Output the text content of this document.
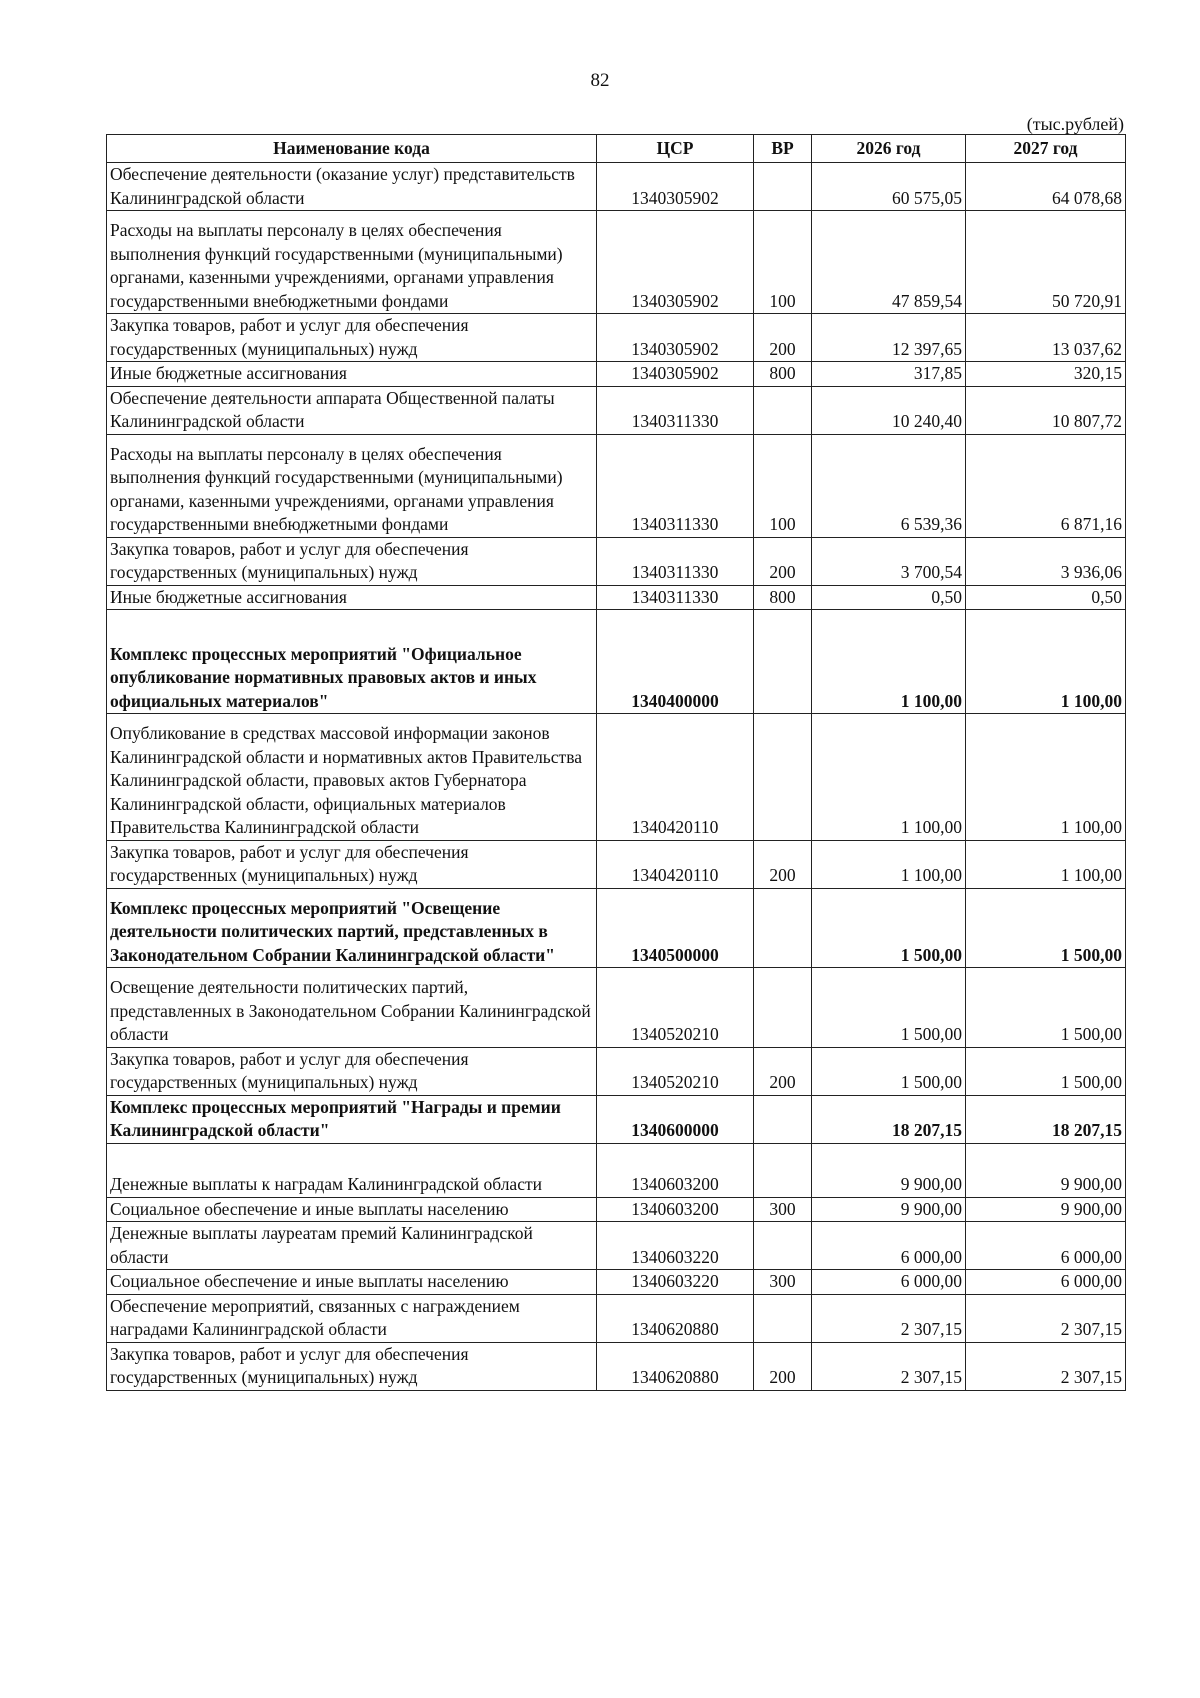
82
(тыс.рублей)
Наименование кода	ЦСР	ВР	2026 год	2027 год
Обеспечение деятельности (оказание услуг) представительств Калининградской области	1340305902		60 575,05	64 078,68
Расходы на выплаты персоналу в целях обеспечения выполнения функций государственными (муниципальными) органами, казенными учреждениями, органами управления государственными внебюджетными фондами	1340305902	100	47 859,54	50 720,91
Закупка товаров, работ и услуг для обеспечения государственных (муниципальных) нужд	1340305902	200	12 397,65	13 037,62
Иные бюджетные ассигнования	1340305902	800	317,85	320,15
Обеспечение деятельности аппарата Общественной палаты Калининградской области	1340311330		10 240,40	10 807,72
Расходы на выплаты персоналу в целях обеспечения выполнения функций государственными (муниципальными) органами, казенными учреждениями, органами управления государственными внебюджетными фондами	1340311330	100	6 539,36	6 871,16
Закупка товаров, работ и услуг для обеспечения государственных (муниципальных) нужд	1340311330	200	3 700,54	3 936,06
Иные бюджетные ассигнования	1340311330	800	0,50	0,50
Комплекс процессных мероприятий "Официальное опубликование нормативных правовых актов и иных официальных материалов"	1340400000		1 100,00	1 100,00
Опубликование в средствах массовой информации законов Калининградской области и нормативных актов Правительства Калининградской области, правовых актов Губернатора Калининградской области, официальных материалов Правительства Калининградской области	1340420110		1 100,00	1 100,00
Закупка товаров, работ и услуг для обеспечения государственных (муниципальных) нужд	1340420110	200	1 100,00	1 100,00
Комплекс процессных мероприятий "Освещение деятельности политических партий, представленных в Законодательном Собрании Калининградской области"	1340500000		1 500,00	1 500,00
Освещение деятельности политических партий, представленных в Законодательном Собрании Калининградской области	1340520210		1 500,00	1 500,00
Закупка товаров, работ и услуг для обеспечения государственных (муниципальных) нужд	1340520210	200	1 500,00	1 500,00
Комплекс процессных мероприятий "Награды и премии Калининградской области"	1340600000		18 207,15	18 207,15
Денежные выплаты к наградам Калининградской области	1340603200		9 900,00	9 900,00
Социальное обеспечение и иные выплаты населению	1340603200	300	9 900,00	9 900,00
Денежные выплаты лауреатам премий Калининградской области	1340603220		6 000,00	6 000,00
Социальное обеспечение и иные выплаты населению	1340603220	300	6 000,00	6 000,00
Обеспечение мероприятий, связанных с награждением наградами Калининградской области	1340620880		2 307,15	2 307,15
Закупка товаров, работ и услуг для обеспечения государственных (муниципальных) нужд	1340620880	200	2 307,15	2 307,15
